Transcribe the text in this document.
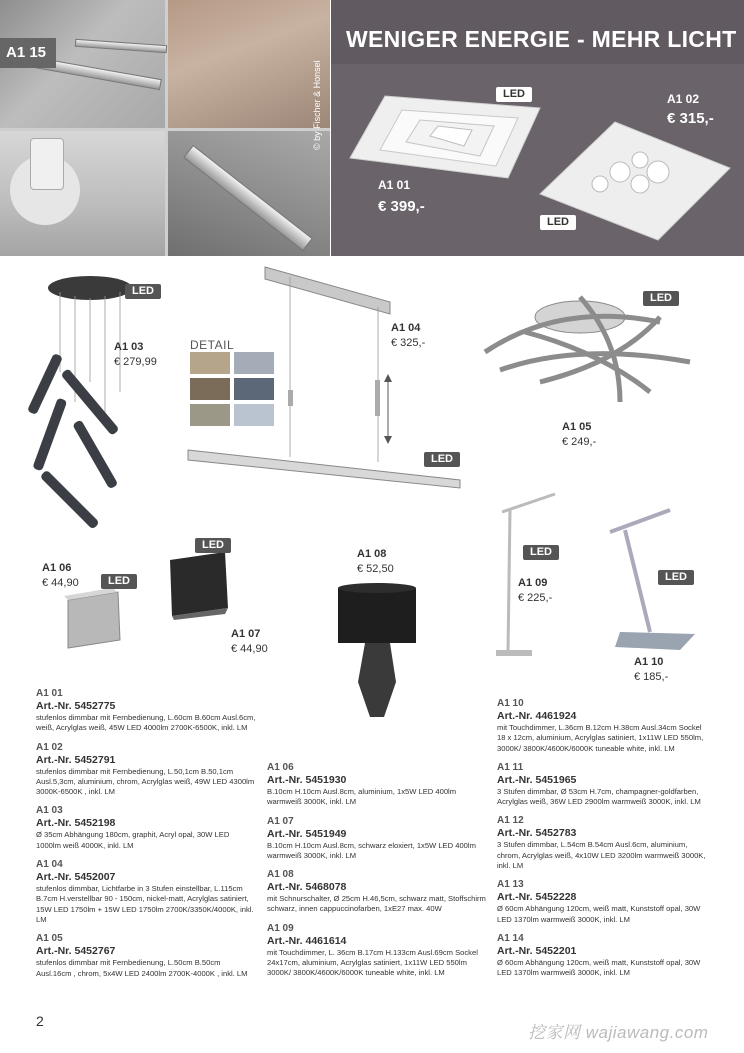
A1 15
© by Fischer & Honsel
WENIGER ENERGIE - MEHR LICHT
LED
LED
A1 01
€ 399,-
A1 02
€ 315,-
LED
A1 03
€ 279,99
DETAIL
A1 04
€ 325,-
LED
LED
A1 05
€ 249,-
A1 06
€ 44,90	LED
LED
A1 07
€ 44,90
A1 08
€ 52,50
LED
A1 09
€ 225,-
LED
A1 10
€ 185,-
A1 01
Art.-Nr. 5452775
stufenlos dimmbar mit Fernbedienung, L.60cm B.60cm Ausl.6cm, weiß, Acrylglas weiß, 45W LED 4000lm 2700K-6500K, inkl. LM
A1 02
Art.-Nr. 5452791
stufenlos dimmbar mit Fernbedienung, L.50,1cm B.50,1cm Ausl.5,3cm, aluminium, chrom, Acrylglas weiß, 49W LED 4300lm 3000K-6500K , inkl. LM
A1 03
Art.-Nr. 5452198
Ø 35cm Abhängung 180cm, graphit, Acryl opal, 30W LED 1000lm weiß 4000K, inkl. LM
A1 04
Art.-Nr. 5452007
stufenlos dimmbar, Lichtfarbe in 3 Stufen einstellbar, L.115cm B.7cm H.verstellbar 90 - 150cm, nickel-matt, Acrylglas satiniert, 15W LED 1750lm + 15W LED 1750lm 2700K/3350K/4000K, inkl. LM
A1 05
Art.-Nr. 5452767
stufenlos dimmbar mit Fernbedienung, L.50cm B.50cm Ausl.16cm , chrom, 5x4W LED 2400lm 2700K-4000K , inkl. LM
A1 06
Art.-Nr. 5451930
B.10cm H.10cm Ausl.8cm, aluminium, 1x5W LED 400lm warmweiß 3000K, inkl. LM
A1 07
Art.-Nr. 5451949
B.10cm H.10cm Ausl.8cm, schwarz eloxiert, 1x5W LED 400lm warmweiß 3000K, inkl. LM
A1 08
Art.-Nr. 5468078
mit Schnurschalter, Ø 25cm H.46,5cm, schwarz matt, Stoffschirm schwarz, innen cappuccinofarben, 1xE27 max. 40W
A1 09
Art.-Nr. 4461614
mit Touchdimmer, L. 36cm B.17cm H.133cm Ausl.69cm Sockel 24x17cm, aluminium, Acrylglas satiniert, 1x11W LED 550lm 3000K/ 3800K/4600K/6000K tuneable white, inkl. LM
A1 10
Art.-Nr. 4461924
mit Touchdimmer, L.36cm B.12cm H.38cm Ausl.34cm Sockel 18 x 12cm, aluminium, Acrylglas satiniert, 1x11W LED 550lm, 3000K/ 3800K/4600K/6000K tuneable white, inkl. LM
A1 11
Art.-Nr. 5451965
3 Stufen dimmbar, Ø 53cm H.7cm, champagner-goldfarben, Acrylglas weiß, 36W LED 2900lm warmweiß 3000K, inkl. LM
A1 12
Art.-Nr. 5452783
3 Stufen dimmbar, L.54cm B.54cm Ausl.6cm, aluminium, chrom, Acrylglas weiß, 4x10W LED 3200lm warmweiß 3000K, inkl. LM
A1 13
Art.-Nr. 5452228
Ø 60cm Abhängung 120cm, weiß matt, Kunststoff opal, 30W LED 1370lm warmweiß 3000K, inkl. LM
A1 14
Art.-Nr. 5452201
Ø 60cm Abhängung 120cm, weiß matt, Kunststoff opal, 30W LED 1370lm warmweiß 3000K, inkl. LM
2
挖家网 wajiawang.com
